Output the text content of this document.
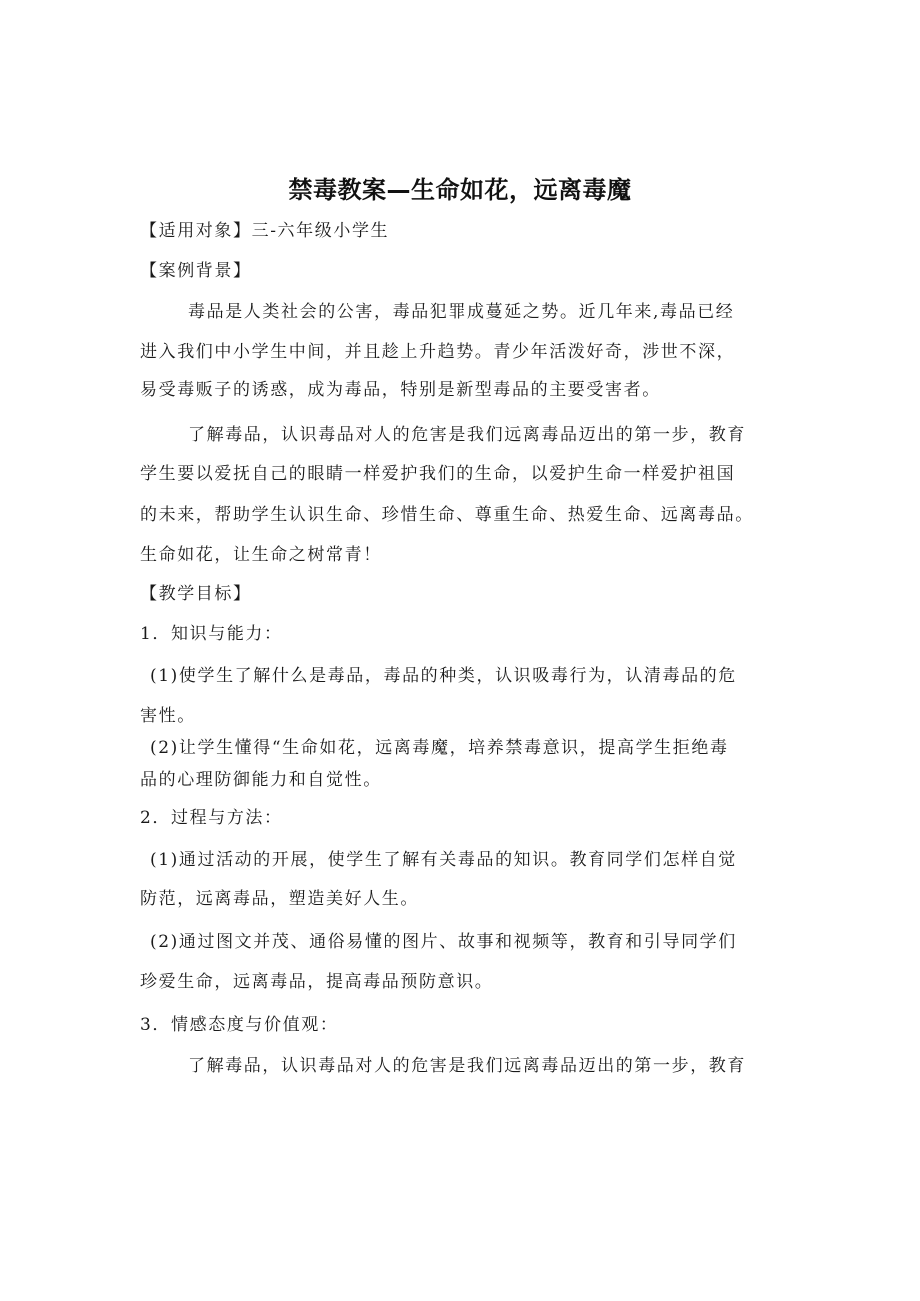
禁毒教案—生命如花，远离毒魔
【适用对象】三-六年级小学生
【案例背景】
毒品是人类社会的公害，毒品犯罪成蔓延之势。近几年来,毒品已经
进入我们中小学生中间，并且趁上升趋势。青少年活泼好奇，涉世不深，
易受毒贩子的诱惑，成为毒品，特别是新型毒品的主要受害者。
了解毒品，认识毒品对人的危害是我们远离毒品迈出的第一步，教育
学生要以爱抚自己的眼睛一样爱护我们的生命，以爱护生命一样爱护祖国
的未来，帮助学生认识生命、珍惜生命、尊重生命、热爱生命、远离毒品。
生命如花，让生命之树常青！
【教学目标】
1．知识与能力：
(1)使学生了解什么是毒品，毒品的种类，认识吸毒行为，认清毒品的危
害性。
(2)让学生懂得“生命如花，远离毒魔，培养禁毒意识，提高学生拒绝毒
品的心理防御能力和自觉性。
2．过程与方法：
(1)通过活动的开展，使学生了解有关毒品的知识。教育同学们怎样自觉
防范，远离毒品，塑造美好人生。
(2)通过图文并茂、通俗易懂的图片、故事和视频等，教育和引导同学们
珍爱生命，远离毒品，提高毒品预防意识。
3．情感态度与价值观：
了解毒品，认识毒品对人的危害是我们远离毒品迈出的第一步，教育
